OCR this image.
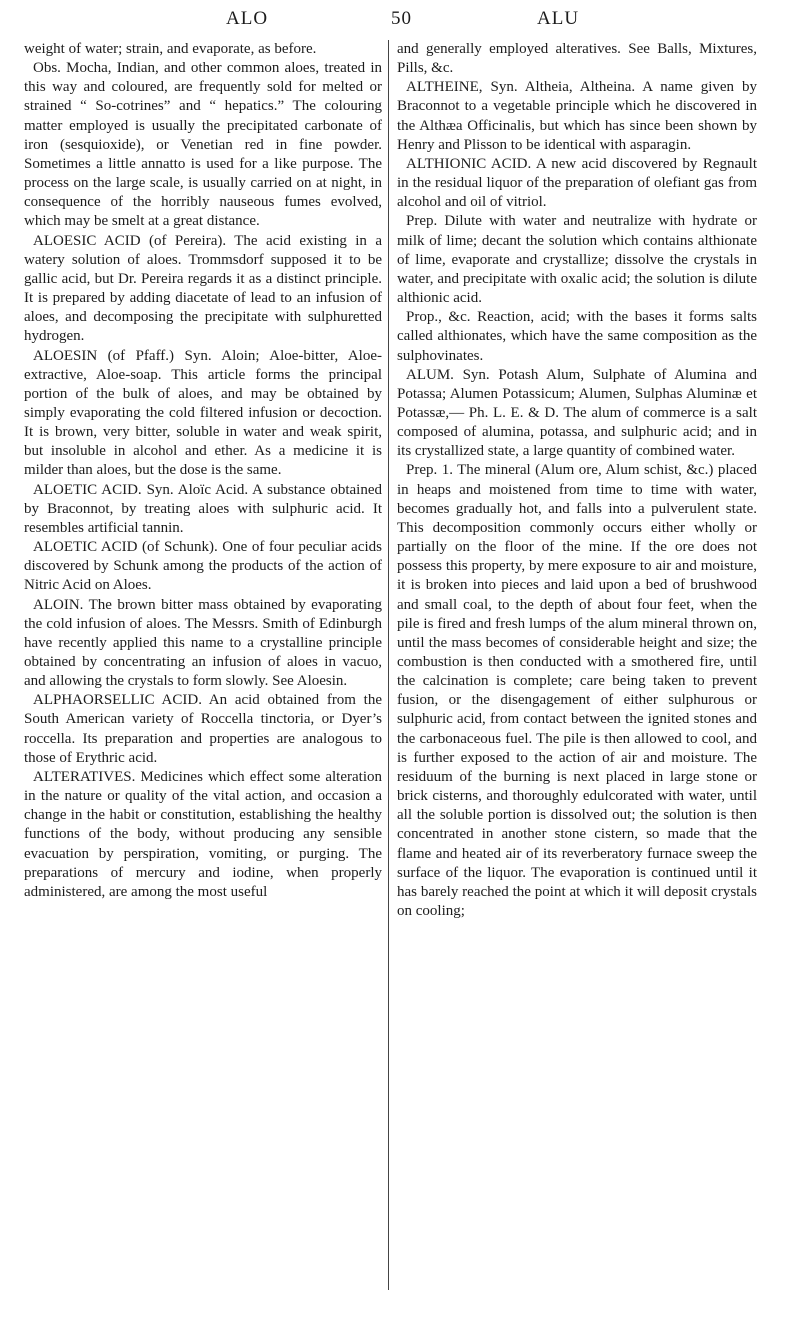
ALO	50	ALU

weight of water; strain, and evaporate, as before.

Obs. Mocha, Indian, and other common aloes, treated in this way and coloured, are frequently sold for melted or strained “ So-cotrines” and “ hepatics.” The colouring matter employed is usually the precipitated carbonate of iron (sesquioxide), or Venetian red in fine powder. Sometimes a little annatto is used for a like purpose. The process on the large scale, is usually carried on at night, in consequence of the horribly nauseous fumes evolved, which may be smelt at a great distance.

ALOESIC ACID (of Pereira). The acid existing in a watery solution of aloes. Trommsdorf supposed it to be gallic acid, but Dr. Pereira regards it as a distinct principle. It is prepared by adding diacetate of lead to an infusion of aloes, and decomposing the precipitate with sulphuretted hydrogen.

ALOESIN (of Pfaff.) Syn. Aloin; Aloe-bitter, Aloe-extractive, Aloe-soap. This article forms the principal portion of the bulk of aloes, and may be obtained by simply evaporating the cold filtered infusion or decoction. It is brown, very bitter, soluble in water and weak spirit, but insoluble in alcohol and ether. As a medicine it is milder than aloes, but the dose is the same.

ALOETIC ACID. Syn. Aloïc Acid. A substance obtained by Braconnot, by treating aloes with sulphuric acid. It resembles artificial tannin.

ALOETIC ACID (of Schunk). One of four peculiar acids discovered by Schunk among the products of the action of Nitric Acid on Aloes.

ALOIN. The brown bitter mass obtained by evaporating the cold infusion of aloes. The Messrs. Smith of Edinburgh have recently applied this name to a crystalline principle obtained by concentrating an infusion of aloes in vacuo, and allowing the crystals to form slowly. See Aloesin.

ALPHAORSELLIC ACID. An acid obtained from the South American variety of Roccella tinctoria, or Dyer’s roccella. Its preparation and properties are analogous to those of Erythric acid.

ALTERATIVES. Medicines which effect some alteration in the nature or quality of the vital action, and occasion a change in the habit or constitution, establishing the healthy functions of the body, without producing any sensible evacuation by perspiration, vomiting, or purging. The preparations of mercury and iodine, when properly administered, are among the most useful

and generally employed alteratives. See Balls, Mixtures, Pills, &c.

ALTHEINE, Syn. Altheia, Altheina. A name given by Braconnot to a vegetable principle which he discovered in the Althæa Officinalis, but which has since been shown by Henry and Plisson to be identical with asparagin.

ALTHIONIC ACID. A new acid discovered by Regnault in the residual liquor of the preparation of olefiant gas from alcohol and oil of vitriol.

Prep. Dilute with water and neutralize with hydrate or milk of lime; decant the solution which contains althionate of lime, evaporate and crystallize; dissolve the crystals in water, and precipitate with oxalic acid; the solution is dilute althionic acid.

Prop., &c. Reaction, acid; with the bases it forms salts called althionates, which have the same composition as the sulphovinates.

ALUM. Syn. Potash Alum, Sulphate of Alumina and Potassa; Alumen Potassicum; Alumen, Sulphas Aluminæ et Potassæ,— Ph. L. E. & D. The alum of commerce is a salt composed of alumina, potassa, and sulphuric acid; and in its crystallized state, a large quantity of combined water.

Prep. 1. The mineral (Alum ore, Alum schist, &c.) placed in heaps and moistened from time to time with water, becomes gradually hot, and falls into a pulverulent state. This decomposition commonly occurs either wholly or partially on the floor of the mine. If the ore does not possess this property, by mere exposure to air and moisture, it is broken into pieces and laid upon a bed of brushwood and small coal, to the depth of about four feet, when the pile is fired and fresh lumps of the alum mineral thrown on, until the mass becomes of considerable height and size; the combustion is then conducted with a smothered fire, until the calcination is complete; care being taken to prevent fusion, or the disengagement of either sulphurous or sulphuric acid, from contact between the ignited stones and the carbonaceous fuel. The pile is then allowed to cool, and is further exposed to the action of air and moisture. The residuum of the burning is next placed in large stone or brick cisterns, and thoroughly edulcorated with water, until all the soluble portion is dissolved out; the solution is then concentrated in another stone cistern, so made that the flame and heated air of its reverberatory furnace sweep the surface of the liquor. The evaporation is continued until it has barely reached the point at which it will deposit crystals on cooling;
